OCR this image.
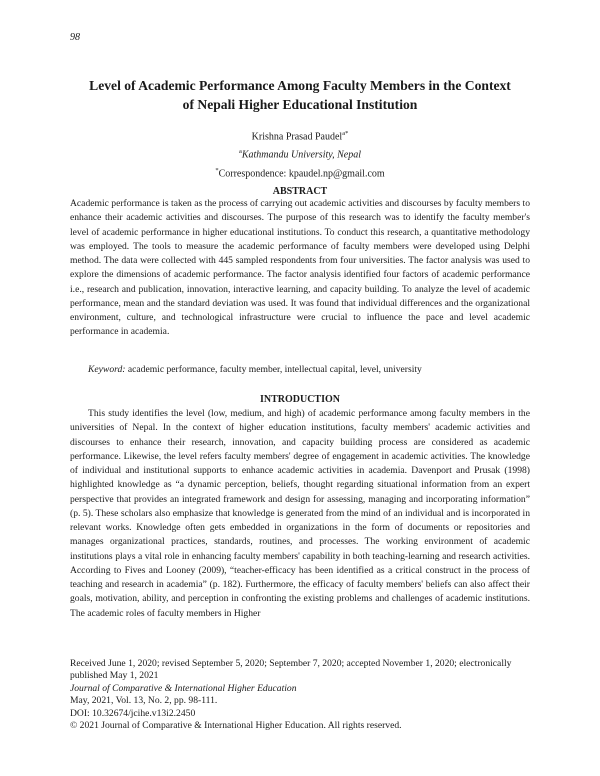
98
Level of Academic Performance Among Faculty Members in the Context
of Nepali Higher Educational Institution
Krishna Prasad Paudel$^{a*}$
$^a$Kathmandu University, Nepal
*Correspondence: kpaudel.np@gmail.com
ABSTRACT

Academic performance is taken as the process of carrying out academic activities and discourses by faculty members to enhance their academic activities and discourses. The purpose of this research was to identify the faculty member's level of academic performance in higher educational institutions. To conduct this research, a quantitative methodology was employed. The tools to measure the academic performance of faculty members were developed using Delphi method. The data were collected with 445 sampled respondents from four universities. The factor analysis was used to explore the dimensions of academic performance. The factor analysis identified four factors of academic performance i.e., research and publication, innovation, interactive learning, and capacity building. To analyze the level of academic performance, mean and the standard deviation was used. It was found that individual differences and the organizational environment, culture, and technological infrastructure were crucial to influence the pace and level academic performance in academia.

Keyword: academic performance, faculty member, intellectual capital, level, university

INTRODUCTION

This study identifies the level (low, medium, and high) of academic performance among faculty members in the universities of Nepal. In the context of higher education institutions, faculty members' academic activities and discourses to enhance their research, innovation, and capacity building process are considered as academic performance. Likewise, the level refers faculty members' degree of engagement in academic activities. The knowledge of individual and institutional supports to enhance academic activities in academia. Davenport and Prusak (1998) highlighted knowledge as “a dynamic perception, beliefs, thought regarding situational information from an expert perspective that provides an integrated framework and design for assessing, managing and incorporating information” (p. 5). These scholars also emphasize that knowledge is generated from the mind of an individual and is incorporated in relevant works. Knowledge often gets embedded in organizations in the form of documents or repositories and manages organizational practices, standards, routines, and processes. The working environment of academic institutions plays a vital role in enhancing faculty members' capability in both teaching-learning and research activities. According to Fives and Looney (2009), “teacher-efficacy has been identified as a critical construct in the process of teaching and research in academia” (p. 182). Furthermore, the efficacy of faculty members' beliefs can also affect their goals, motivation, ability, and perception in confronting the existing problems and challenges of academic institutions. The academic roles of faculty members in Higher

Received June 1, 2020; revised September 5, 2020; September 7, 2020; accepted November 1, 2020; electronically published May 1, 2021
Journal of Comparative & International Higher Education
May, 2021, Vol. 13, No. 2, pp. 98-111.
DOI: 10.32674/jcihe.v13i2.2450
© 2021 Journal of Comparative & International Higher Education. All rights reserved.
